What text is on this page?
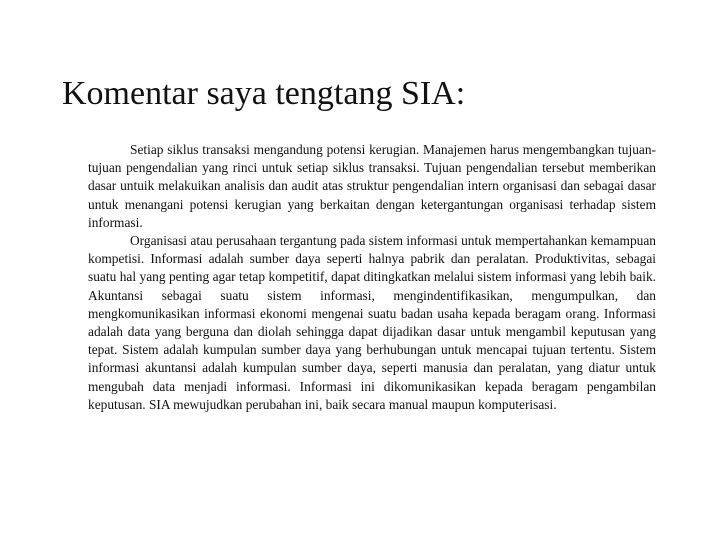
Komentar saya tengtang SIA:

Setiap siklus transaksi mengandung potensi kerugian. Manajemen harus mengembangkan tujuan-tujuan pengendalian yang rinci untuk setiap siklus transaksi. Tujuan pengendalian tersebut memberikan dasar untuik melakuikan analisis dan audit atas struktur pengendalian intern organisasi dan sebagai dasar untuk menangani potensi kerugian yang berkaitan dengan ketergantungan organisasi terhadap sistem informasi.

Organisasi atau perusahaan tergantung pada sistem informasi untuk mempertahankan kemampuan kompetisi. Informasi adalah sumber daya seperti halnya pabrik dan peralatan. Produktivitas, sebagai suatu hal yang penting agar tetap kompetitif, dapat ditingkatkan melalui sistem informasi yang lebih baik. Akuntansi sebagai suatu sistem informasi, mengindentifikasikan, mengumpulkan, dan mengkomunikasikan informasi ekonomi mengenai suatu badan usaha kepada beragam orang. Informasi adalah data yang berguna dan diolah sehingga dapat dijadikan dasar untuk mengambil keputusan yang tepat. Sistem adalah kumpulan sumber daya yang berhubungan untuk mencapai tujuan tertentu. Sistem informasi akuntansi adalah kumpulan sumber daya, seperti manusia dan peralatan, yang diatur untuk mengubah data menjadi informasi. Informasi ini dikomunikasikan kepada beragam pengambilan keputusan. SIA mewujudkan perubahan ini, baik secara manual maupun komputerisasi.
